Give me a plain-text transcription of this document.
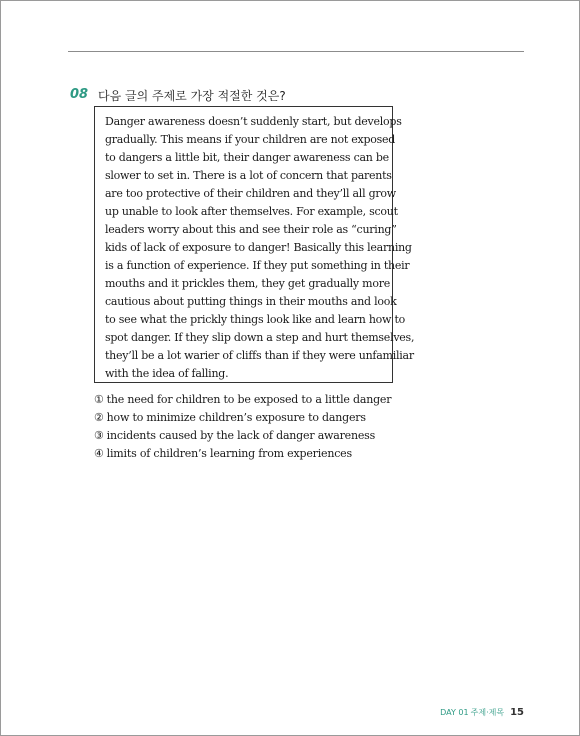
08 다음 글의 주제로 가장 적절한 것은?
Danger awareness doesn’t suddenly start, but develops
gradually. This means if your children are not exposed
to dangers a little bit, their danger awareness can be
slower to set in. There is a lot of concern that parents
are too protective of their children and they’ll all grow
up unable to look after themselves. For example, scout
leaders worry about this and see their role as “curing”
kids of lack of exposure to danger! Basically this learning
is a function of experience. If they put something in their
mouths and it prickles them, they get gradually more
cautious about putting things in their mouths and look
to see what the prickly things look like and learn how to
spot danger. If they slip down a step and hurt themselves,
they’ll be a lot warier of cliffs than if they were unfamiliar
with the idea of falling.
① the need for children to be exposed to a little danger
② how to minimize children’s exposure to dangers
③ incidents caused by the lack of danger awareness
④ limits of children’s learning from experiences
DAY 01 주제·제목 15
